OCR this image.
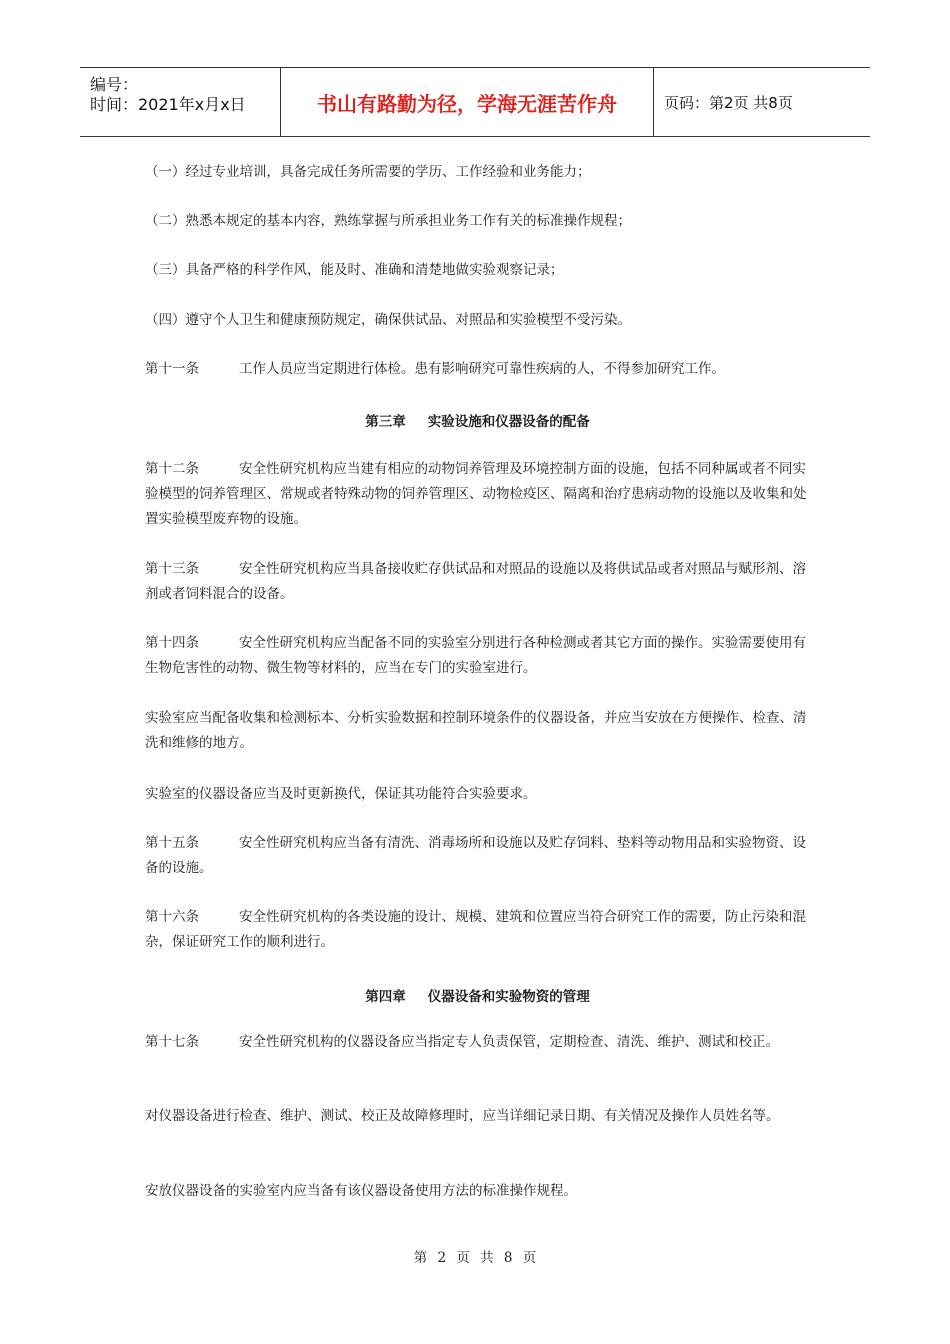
编号：
时间：2021年x月x日	书山有路勤为径，学海无涯苦作舟	页码：第2页 共8页

（一）经过专业培训，具备完成任务所需要的学历、工作经验和业务能力；

（二）熟悉本规定的基本内容，熟练掌握与所承担业务工作有关的标准操作规程；

（三）具备严格的科学作风，能及时、准确和清楚地做实验观察记录；

（四）遵守个人卫生和健康预防规定，确保供试品、对照品和实验模型不受污染。

第十一条	工作人员应当定期进行体检。患有影响研究可靠性疾病的人，不得参加研究工作。

第三章 实验设施和仪器设备的配备

第十二条	安全性研究机构应当建有相应的动物饲养管理及环境控制方面的设施，包括不同种属或者不同实验模型的饲养管理区、常规或者特殊动物的饲养管理区、动物检疫区、隔离和治疗患病动物的设施以及收集和处置实验模型废弃物的设施。

第十三条	安全性研究机构应当具备接收贮存供试品和对照品的设施以及将供试品或者对照品与赋形剂、溶剂或者饲料混合的设备。

第十四条	安全性研究机构应当配备不同的实验室分别进行各种检测或者其它方面的操作。实验需要使用有生物危害性的动物、微生物等材料的，应当在专门的实验室进行。

实验室应当配备收集和检测标本、分析实验数据和控制环境条件的仪器设备，并应当安放在方便操作、检查、清洗和维修的地方。

实验室的仪器设备应当及时更新换代，保证其功能符合实验要求。

第十五条	安全性研究机构应当备有清洗、消毒场所和设施以及贮存饲料、垫料等动物用品和实验物资、设备的设施。

第十六条	安全性研究机构的各类设施的设计、规模、建筑和位置应当符合研究工作的需要，防止污染和混杂，保证研究工作的顺利进行。

第四章 仪器设备和实验物资的管理

第十七条	安全性研究机构的仪器设备应当指定专人负责保管，定期检查、清洗、维护、测试和校正。

对仪器设备进行检查、维护、测试、校正及故障修理时，应当详细记录日期、有关情况及操作人员姓名等。

安放仪器设备的实验室内应当备有该仪器设备使用方法的标准操作规程。

第 2 页 共 8 页
